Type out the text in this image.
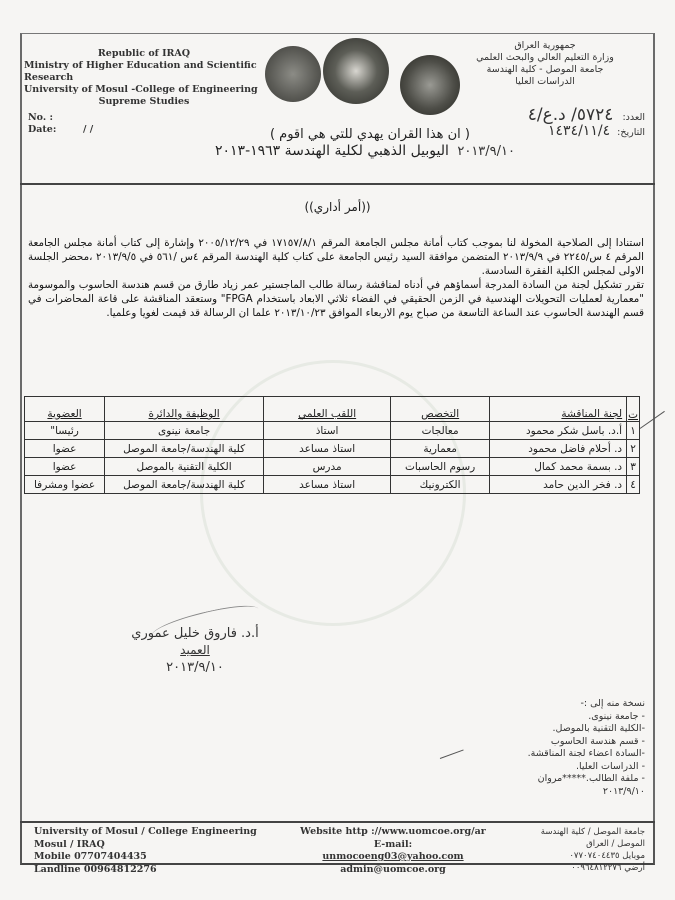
Republic of IRAQ
Ministry of Higher Education and Scientific Research
University of Mosul -College of Engineering
Supreme Studies
No. :
Date:	/ /
جمهورية العراق
وزارة التعليم العالي والبحث العلمي
جامعة الموصل - كلية الهندسة
الدراسات العليا
العدد: ٥٧٢٤/ د.ع/٤
التاريخ: ١٤٣٤/١١/٤
( ان هذا القران يهدي للتي هي اقوم )
٢٠١٣/٩/١٠ اليوبيل الذهبي لكلية الهندسة ١٩٦٣-٢٠١٣
((أمر أداري))

استنادا إلى الصلاحية المخولة لنا بموجب كتاب أمانة مجلس الجامعة المرقم ١٧١٥٧/٨/١ في ٢٠٠٥/١٢/٢٩ وإشارة إلى كتاب أمانة مجلس الجامعة المرقم ٤ س/٢٢٤٥ في ٢٠١٣/٩/٩ المتضمن موافقة السيد رئيس الجامعة على كتاب كلية الهندسة المرقم ٤س /٥٦١ في ٢٠١٣/٩/٥ ،محضر الجلسة الاولى لمجلس الكلية الفقرة السادسة.

تقرر تشكيل لجنة من السادة المدرجة أسماؤهم في أدناه لمناقشة رسالة طالب الماجستير عمر زياد طارق من قسم هندسة الحاسوب والموسومة "معمارية لعمليات التحويلات الهندسية في الزمن الحقيقي في الفضاء ثلاثي الابعاد باستخدام FPGA" وستعقد المناقشة على قاعة المحاضرات في قسم الهندسة الحاسوب عند الساعة التاسعة من صباح يوم الاربعاء الموافق ٢٠١٣/١٠/٢٣ علما ان الرسالة قد قيمت لغويا وعلميا.

ت	لجنة المناقشة	التخصص	اللقب العلمي	الوظيفة والدائرة	العضوية
١	أ.د. باسل شكر محمود	معالجات	استاذ	جامعة نينوى	رئيسا"
٢	د. أحلام فاضل محمود	معمارية	استاذ مساعد	كلية الهندسة/جامعة الموصل	عضوا
٣	د. بسمة محمد كمال	رسوم الحاسبات	مدرس	الكلية التقنية بالموصل	عضوا
٤	د. فخر الدين حامد	الكترونيك	استاذ مساعد	كلية الهندسة/جامعة الموصل	عضوا ومشرفا
أ.د. فاروق خليل عموري
العميد
٢٠١٣/٩/١٠
نسخة منه إلى :-
- جامعة نينوى.
-الكلية التقنية بالموصل.
- قسم هندسة الحاسوب
-السادة اعضاء لجنة المناقشة.
- الدراسات العليا.
- ملفة الطالب.*****مروان
٢٠١٣/٩/١٠
University of Mosul / College Engineering
Mosul / IRAQ
Mobile 07707404435
Landline 00964812276
Website http ://www.uomcoe.org/ar
E-mail:
unmocoeng03@yahoo.com
admin@uomcoe.org
جامعة الموصل / كلية الهندسة
الموصل / العراق
موبايل ٠٧٧٠٧٤٠٤٤٣٥
أرضي ٠٠٩٦٤٨١٢٢٧٦
